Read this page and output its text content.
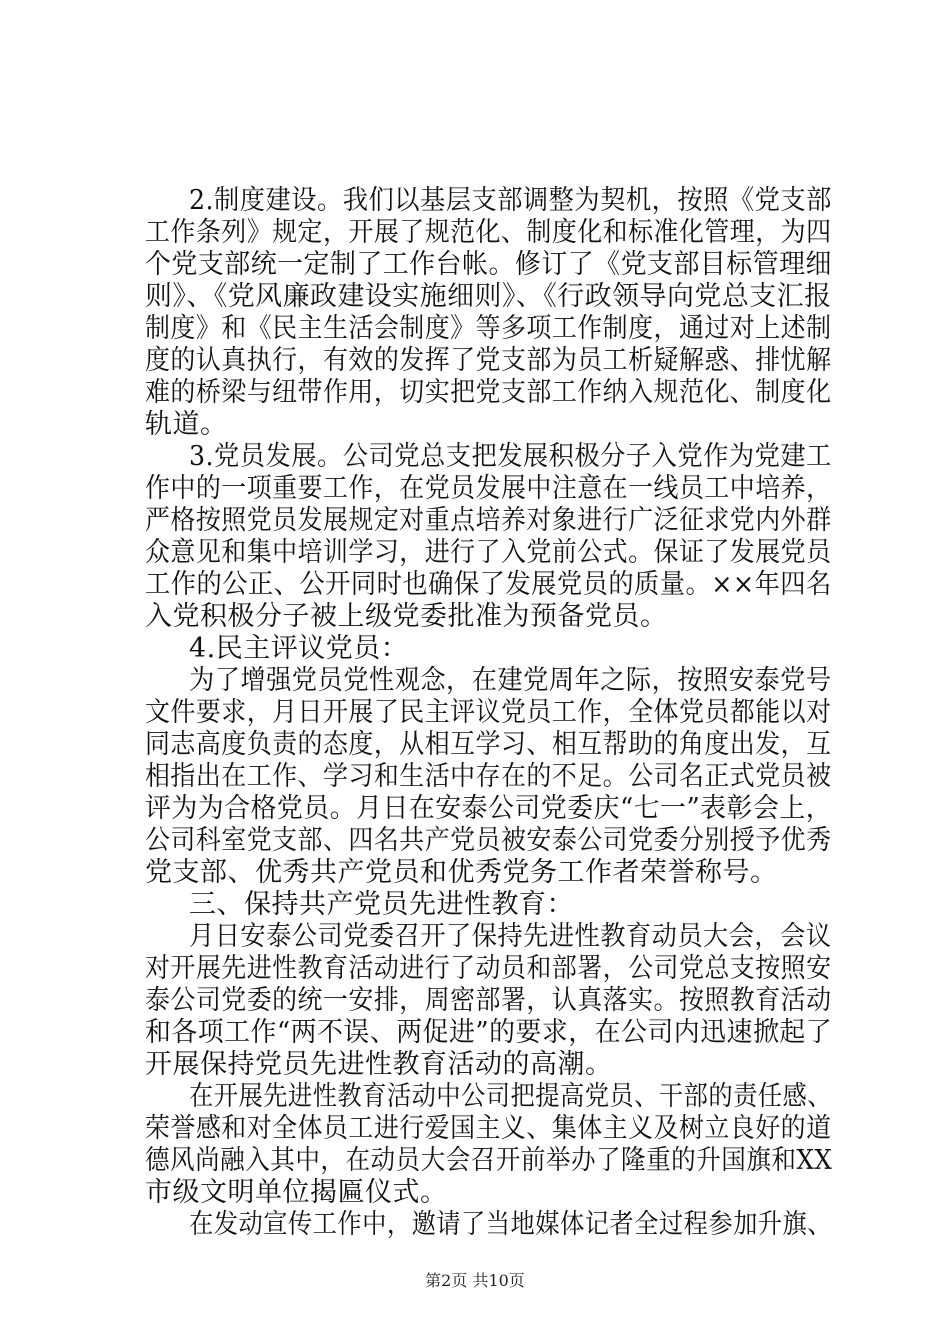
2.制度建设。我们以基层支部调整为契机，按照《党支部
工作条列》规定，开展了规范化、制度化和标准化管理，为四
个党支部统一定制了工作台帐。修订了《党支部目标管理细
则》、《党风廉政建设实施细则》、《行政领导向党总支汇报
制度》和《民主生活会制度》等多项工作制度，通过对上述制
度的认真执行，有效的发挥了党支部为员工析疑解惑、排忧解
难的桥梁与纽带作用，切实把党支部工作纳入规范化、制度化
轨道。
3.党员发展。公司党总支把发展积极分子入党作为党建工
作中的一项重要工作，在党员发展中注意在一线员工中培养，
严格按照党员发展规定对重点培养对象进行广泛征求党内外群
众意见和集中培训学习，进行了入党前公式。保证了发展党员
工作的公正、公开同时也确保了发展党员的质量。××年四名
入党积极分子被上级党委批准为预备党员。
4.民主评议党员：
为了增强党员党性观念，在建党周年之际，按照安泰党号
文件要求，月日开展了民主评议党员工作，全体党员都能以对
同志高度负责的态度，从相互学习、相互帮助的角度出发，互
相指出在工作、学习和生活中存在的不足。公司名正式党员被
评为为合格党员。月日在安泰公司党委庆“七一”表彰会上，
公司科室党支部、四名共产党员被安泰公司党委分别授予优秀
党支部、优秀共产党员和优秀党务工作者荣誉称号。
三、保持共产党员先进性教育：
月日安泰公司党委召开了保持先进性教育动员大会，会议
对开展先进性教育活动进行了动员和部署，公司党总支按照安
泰公司党委的统一安排，周密部署，认真落实。按照教育活动
和各项工作“两不误、两促进”的要求，在公司内迅速掀起了
开展保持党员先进性教育活动的高潮。
在开展先进性教育活动中公司把提高党员、干部的责任感、
荣誉感和对全体员工进行爱国主义、集体主义及树立良好的道
德风尚融入其中，在动员大会召开前举办了隆重的升国旗和XX
市级文明单位揭匾仪式。
在发动宣传工作中，邀请了当地媒体记者全过程参加升旗、
第2页 共10页
